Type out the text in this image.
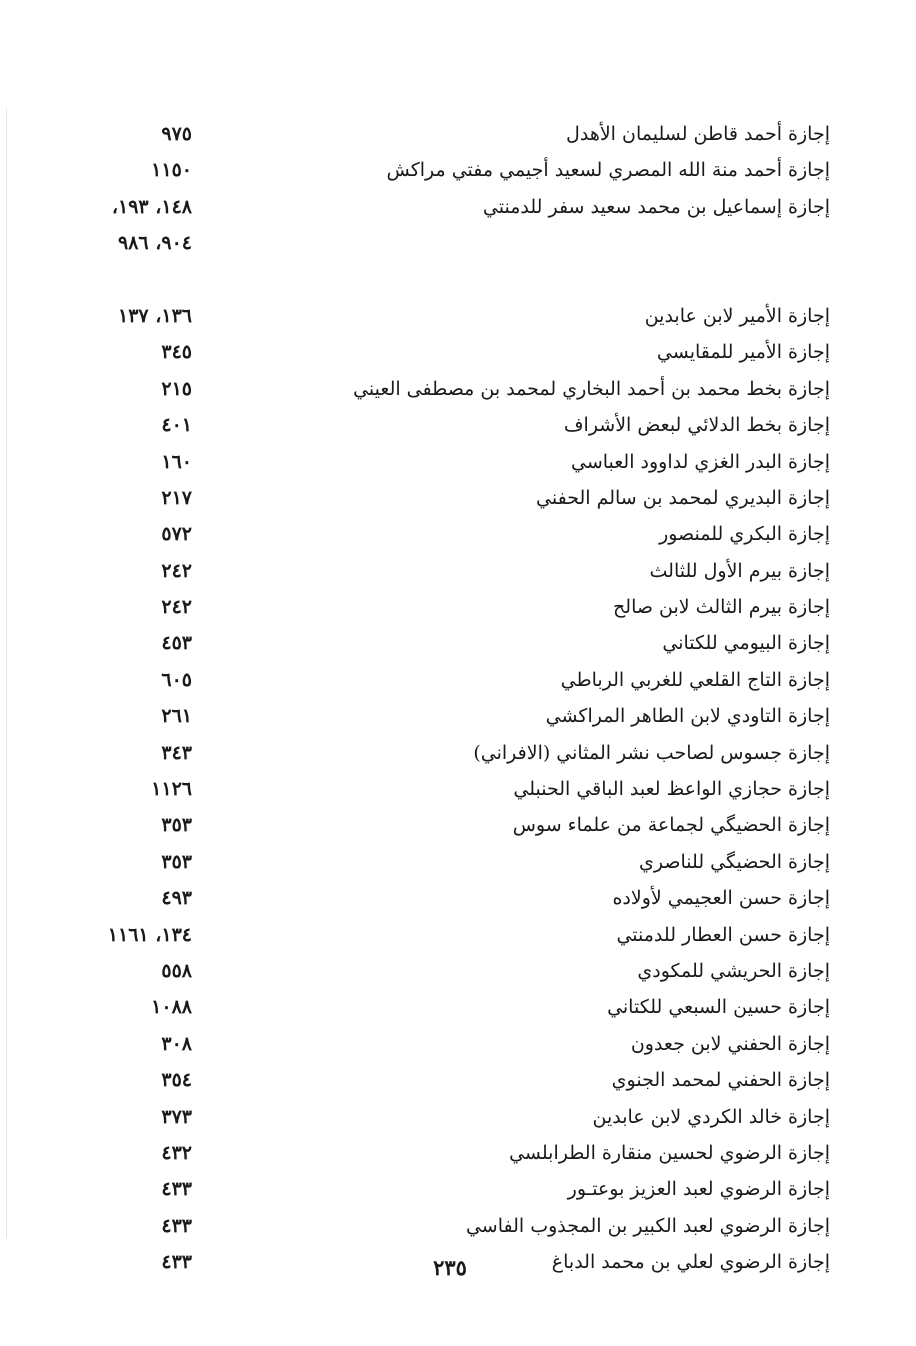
إجازة أحمد قاطن لسليمان الأهدل
٩٧٥
إجازة أحمد منة الله المصري لسعيد أجيمي مفتي مراكش
١١٥٠
إجازة إسماعيل بن محمد سعيد سفر للدمنتي
١٤٨، ١٩٣،
٩٠٤، ٩٨٦
إجازة الأمير لابن عابدين
١٣٦، ١٣٧
إجازة الأمير للمقايسي
٣٤٥
إجازة بخط محمد بن أحمد البخاري لمحمد بن مصطفى العيني
٢١٥
إجازة بخط الدلائي لبعض الأشراف
٤٠١
إجازة البدر الغزي لداوود العباسي
١٦٠
إجازة البديري لمحمد بن سالم الحفني
٢١٧
إجازة البكري للمنصور
٥٧٢
إجازة بيرم الأول للثالث
٢٤٢
إجازة بيرم الثالث لابن صالح
٢٤٢
إجازة البيومي للكتاني
٤٥٣
إجازة التاج القلعي للغربي الرباطي
٦٠٥
إجازة التاودي لابن الطاهر المراكشي
٢٦١
إجازة جسوس لصاحب نشر المثاني (الافراني)
٣٤٣
إجازة حجازي الواعظ لعبد الباقي الحنبلي
١١٢٦
إجازة الحضيگي لجماعة من علماء سوس
٣٥٣
إجازة الحضيگي للناصري
٣٥٣
إجازة حسن العجيمي لأولاده
٤٩٣
إجازة حسن العطار للدمنتي
١٣٤، ١١٦١
إجازة الحريشي للمكودي
٥٥٨
إجازة حسين السبعي للكتاني
١٠٨٨
إجازة الحفني لابن جعدون
٣٠٨
إجازة الحفني لمحمد الجنوي
٣٥٤
إجازة خالد الكردي لابن عابدين
٣٧٣
إجازة الرضوي لحسين منقارة الطرابلسي
٤٣٢
إجازة الرضوي لعبد العزيز بوعتـور
٤٣٣
إجازة الرضوي لعبد الكبير بن المجذوب الفاسي
٤٣٣
إجازة الرضوي لعلي بن محمد الدباغ
٤٣٣	٢٣٥
